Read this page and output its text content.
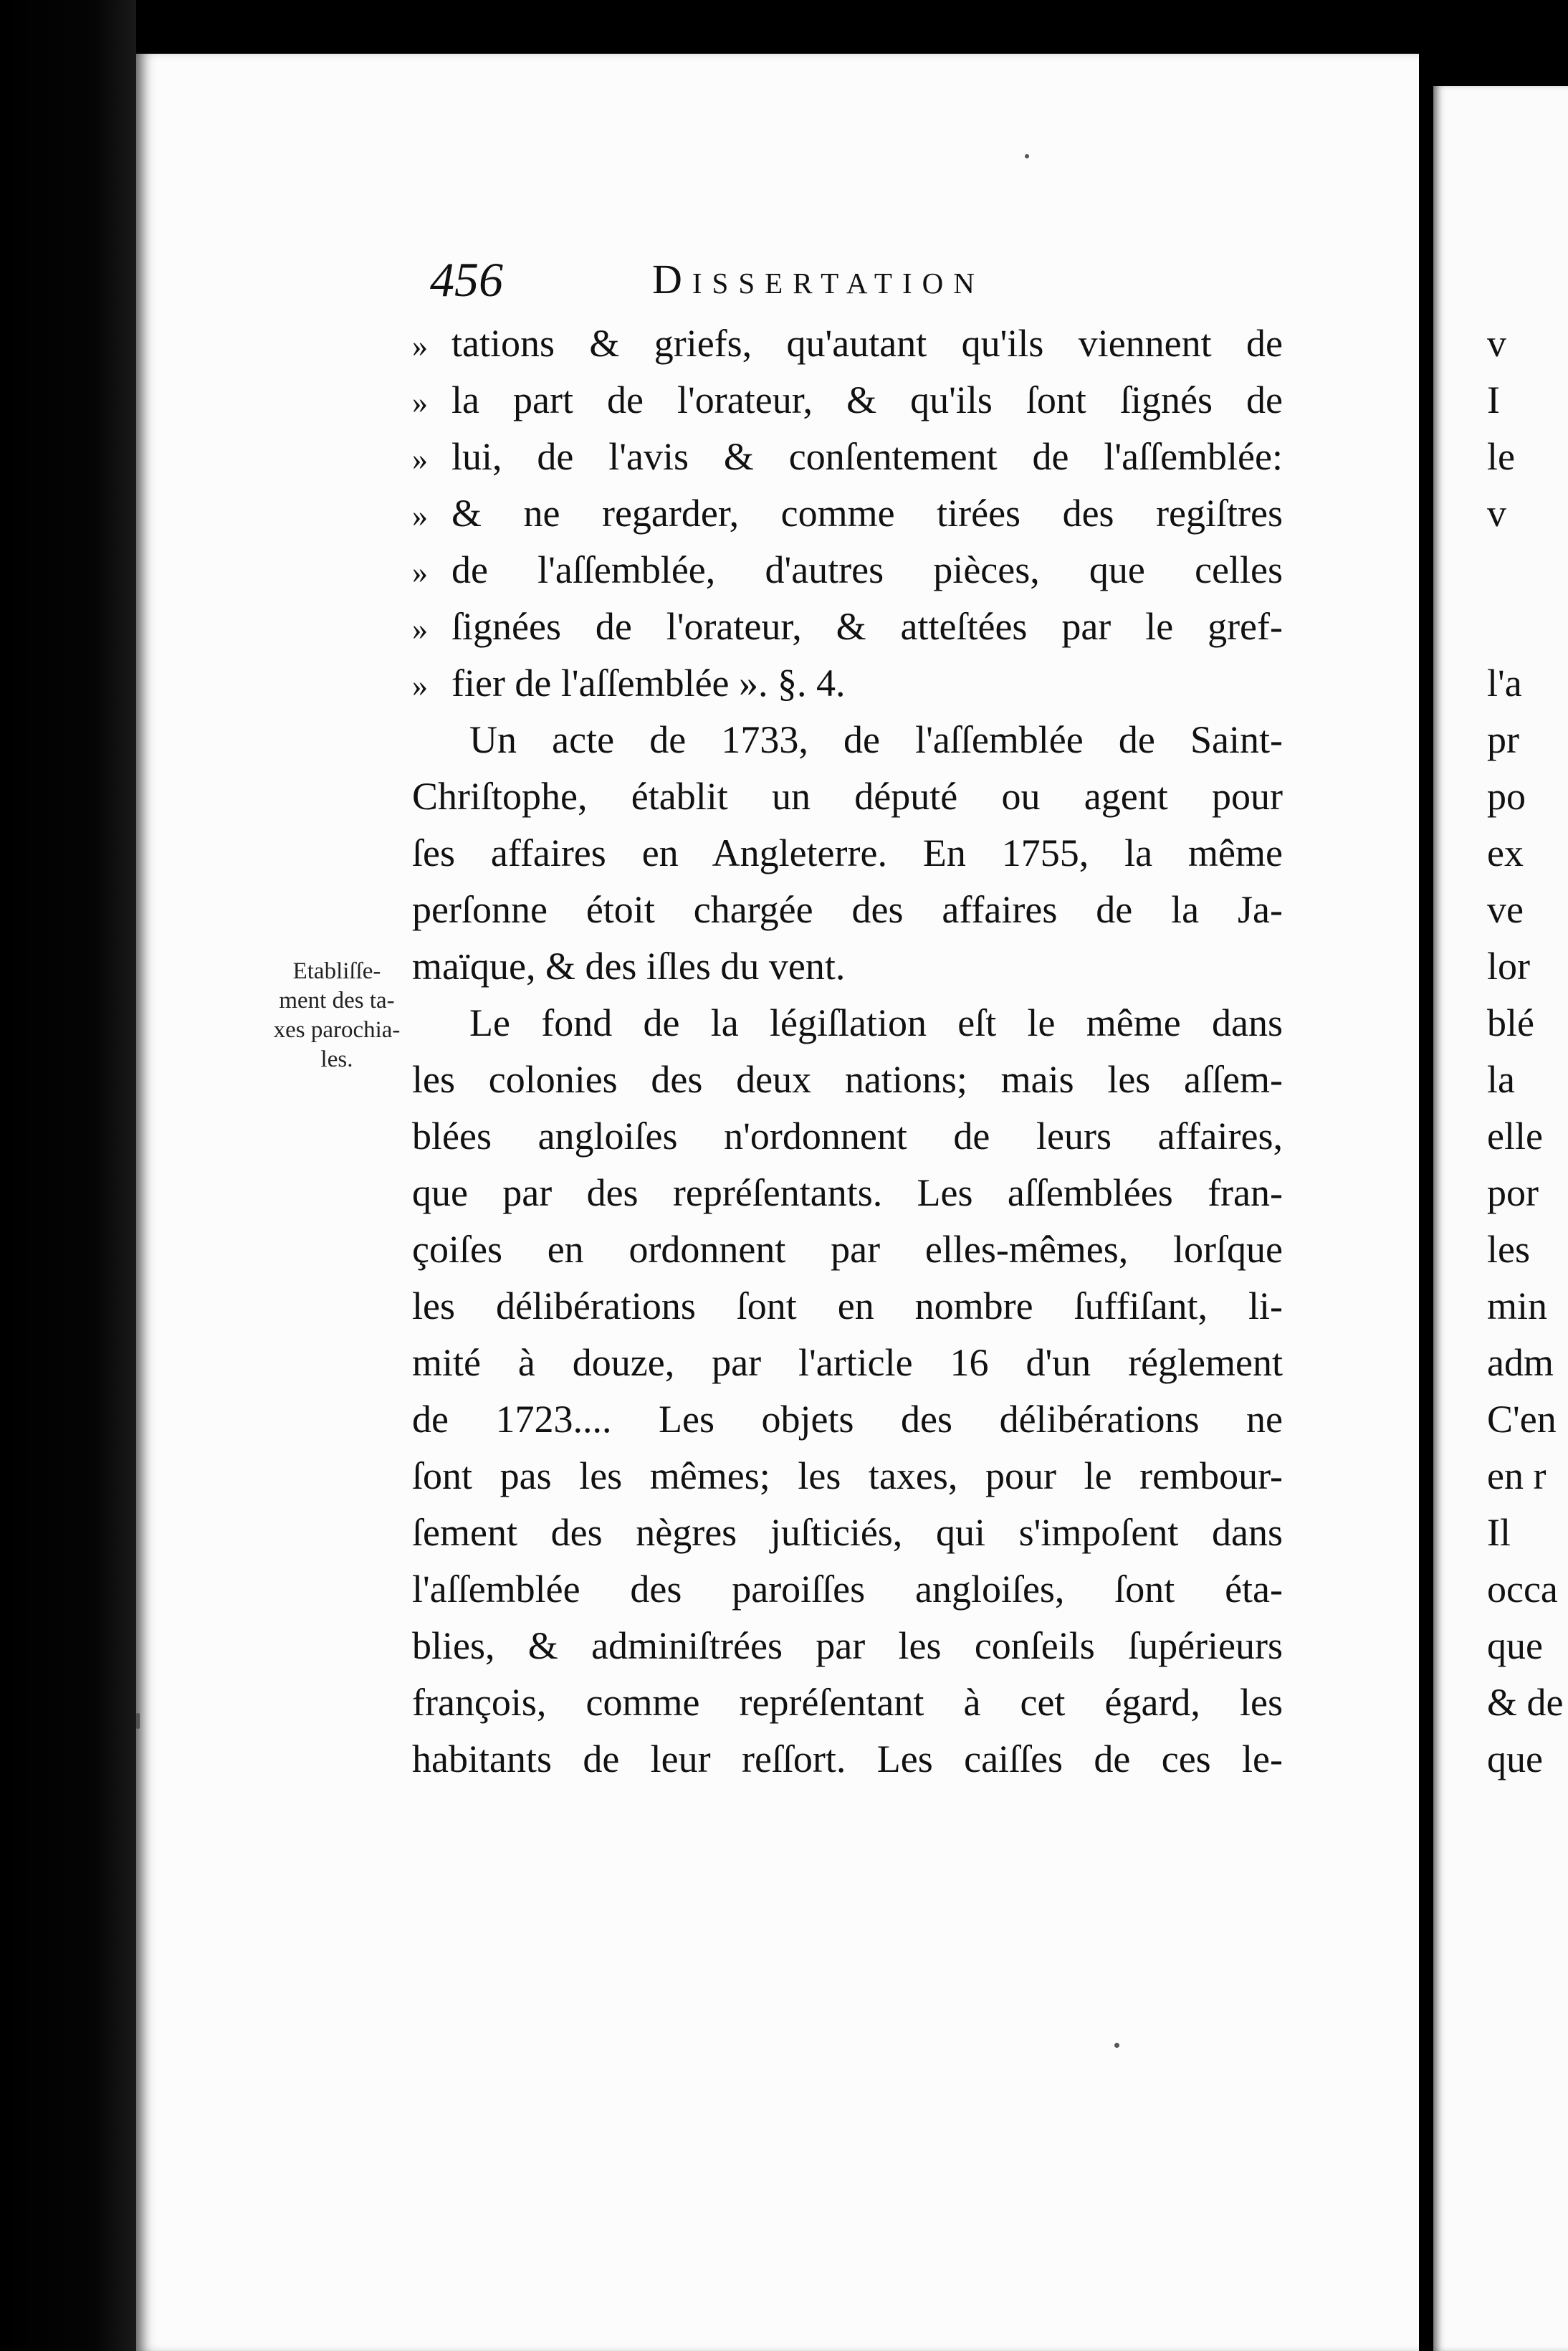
456	Dissertation
Etabliſſe-
ment des ta-
xes parochia-
les.
» tations & griefs, qu'autant qu'ils viennent de
» la part de l'orateur, & qu'ils ſont ſignés de
» lui, de l'avis & conſentement de l'aſſemblée:
» & ne regarder, comme tirées des regiſtres
» de l'aſſemblée, d'autres pièces, que celles
» ſignées de l'orateur, & atteſtées par le gref-
» fier de l'aſſemblée ». §. 4.
Un acte de 1733, de l'aſſemblée de Saint-
Chriſtophe, établit un député ou agent pour
ſes affaires en Angleterre. En 1755, la même
perſonne étoit chargée des affaires de la Ja-
maïque, & des iſles du vent.
Le fond de la légiſlation eſt le même dans
les colonies des deux nations; mais les aſſem-
blées angloiſes n'ordonnent de leurs affaires,
que par des repréſentants. Les aſſemblées fran-
çoiſes en ordonnent par elles-mêmes, lorſque
les délibérations ſont en nombre ſuffiſant, li-
mité à douze, par l'article 16 d'un réglement
de 1723.... Les objets des délibérations ne
ſont pas les mêmes; les taxes, pour le rembour-
ſement des nègres juſticiés, qui s'impoſent dans
l'aſſemblée des paroiſſes angloiſes, ſont éta-
blies, & adminiſtrées par les conſeils ſupérieurs
françois, comme repréſentant à cet égard, les
habitants de leur reſſort. Les caiſſes de ces le-
v
I
le
v
l'a
pr
po
ex
ve
lor
blé
la
elle
por
les
min
adm
C'en
en r
Il
occa
que
& de
que
